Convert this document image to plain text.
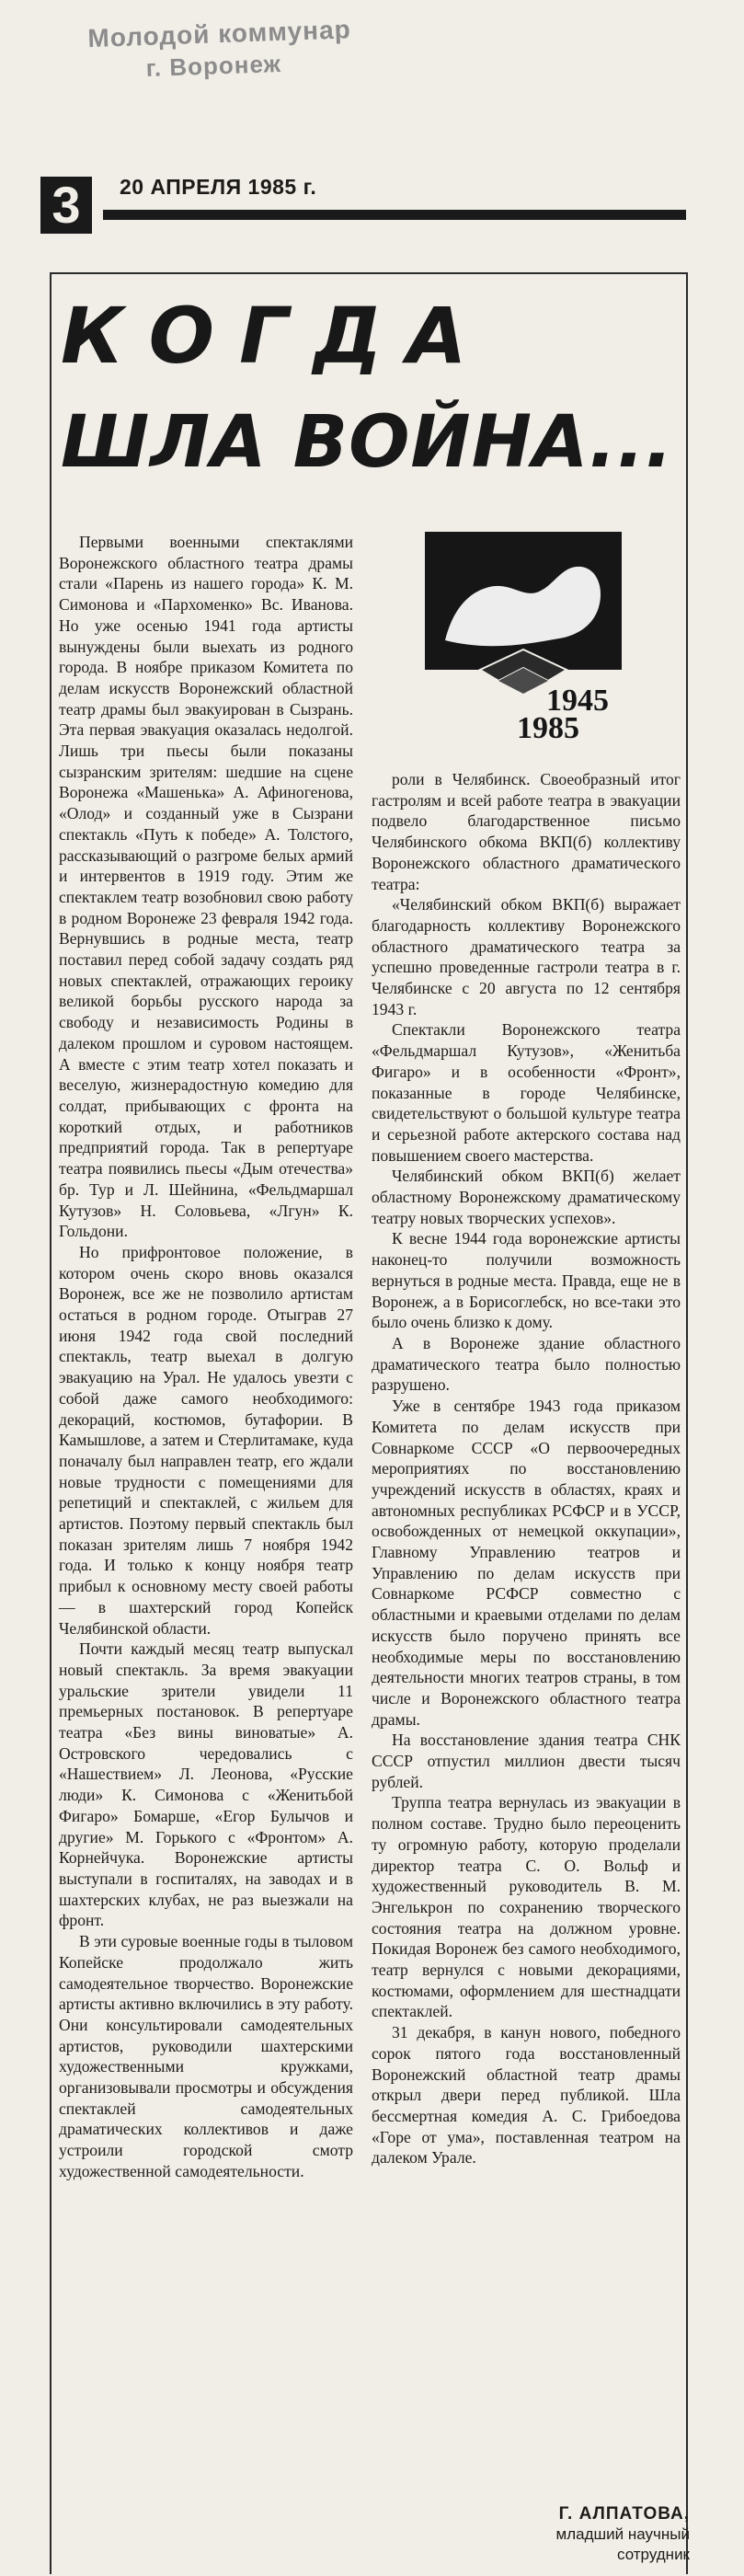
Молодой коммунар
г. Воронеж
3	20 АПРЕЛЯ 1985 г.
КОГДА
ШЛА ВОЙНА...
1945
1985

Первыми военными спектаклями Воронежского областного театра драмы стали «Парень из нашего города» К. М. Симонова и «Пархоменко» Вс. Иванова. Но уже осенью 1941 года артисты вынуждены были выехать из родного города. В ноябре приказом Комитета по делам искусств Воронежский областной театр драмы был эвакуирован в Сызрань. Эта первая эвакуация оказалась недолгой. Лишь три пьесы были показаны сызранским зрителям: шедшие на сцене Воронежа «Машенька» А. Афиногенова, «Олод» и созданный уже в Сызрани спектакль «Путь к победе» А. Толстого, рассказывающий о разгроме белых армий и интервентов в 1919 году. Этим же спектаклем театр возобновил свою работу в родном Воронеже 23 февраля 1942 года. Вернувшись в родные места, театр поставил перед собой задачу создать ряд новых спектаклей, отражающих героику великой борьбы русского народа за свободу и независимость Родины в далеком прошлом и суровом настоящем. А вместе с этим театр хотел показать и веселую, жизнерадостную комедию для солдат, прибывающих с фронта на короткий отдых, и работников предприятий города. Так в репертуаре театра появились пьесы «Дым отечества» бр. Тур и Л. Шейнина, «Фельдмаршал Кутузов» Н. Соловьева, «Лгун» К. Гольдони.

Но прифронтовое положение, в котором очень скоро вновь оказался Воронеж, все же не позволило артистам остаться в родном городе. Отыграв 27 июня 1942 года свой последний спектакль, театр выехал в долгую эвакуацию на Урал. Не удалось увезти с собой даже самого необходимого: декораций, костюмов, бутафории. В Камышлове, а затем и Стерлитамаке, куда поначалу был направлен театр, его ждали новые трудности с помещениями для репетиций и спектаклей, с жильем для артистов. Поэтому первый спектакль был показан зрителям лишь 7 ноября 1942 года. И только к концу ноября театр прибыл к основному месту своей работы — в шахтерский город Копейск Челябинской области.

Почти каждый месяц театр выпускал новый спектакль. За время эвакуации уральские зрители увидели 11 премьерных постановок. В репертуаре театра «Без вины виноватые» А. Островского чередовались с «Нашествием» Л. Леонова, «Русские люди» К. Симонова с «Женитьбой Фигаро» Бомарше, «Егор Булычов и другие» М. Горького с «Фронтом» А. Корнейчука. Воронежские артисты выступали в госпиталях, на заводах и в шахтерских клубах, не раз выезжали на фронт.

В эти суровые военные годы в тыловом Копейске продолжало жить самодеятельное творчество. Воронежские артисты активно включились в эту работу. Они консультировали самодеятельных артистов, руководили шахтерскими художественными кружками, организовывали просмотры и обсуждения спектаклей самодеятельных драматических коллективов и даже устроили городской смотр художественной самодеятельности.

роли в Челябинск. Своеобразный итог гастролям и всей работе театра в эвакуации подвело благодарственное письмо Челябинского обкома ВКП(б) коллективу Воронежского областного драматического театра:

«Челябинский обком ВКП(б) выражает благодарность коллективу Воронежского областного драматического театра за успешно проведенные гастроли театра в г. Челябинске с 20 августа по 12 сентября 1943 г.

Спектакли Воронежского театра «Фельдмаршал Кутузов», «Женитьба Фигаро» и в особенности «Фронт», показанные в городе Челябинске, свидетельствуют о большой культуре театра и серьезной работе актерского состава над повышением своего мастерства.

Челябинский обком ВКП(б) желает областному Воронежскому драматическому театру новых творческих успехов».

К весне 1944 года воронежские артисты наконец-то получили возможность вернуться в родные места. Правда, еще не в Воронеж, а в Борисоглебск, но все-таки это было очень близко к дому.

А в Воронеже здание областного драматического театра было полностью разрушено.

Уже в сентябре 1943 года приказом Комитета по делам искусств при Совнаркоме СССР «О первоочередных мероприятиях по восстановлению учреждений искусств в областях, краях и автономных республиках РСФСР и в УССР, освобожденных от немецкой оккупации», Главному Управлению театров и Управлению по делам искусств при Совнаркоме РСФСР совместно с областными и краевыми отделами по делам искусств было поручено принять все необходимые меры по восстановлению деятельности многих театров страны, в том числе и Воронежского областного театра драмы.

На восстановление здания театра СНК СССР отпустил миллион двести тысяч рублей.

Труппа театра вернулась из эвакуации в полном составе. Трудно было переоценить ту огромную работу, которую проделали директор театра С. О. Вольф и художественный руководитель В. М. Энгелькрон по сохранению творческого состояния театра на должном уровне. Покидая Воронеж без самого необходимого, театр вернулся с новыми декорациями, костюмами, оформлением для шестнадцати спектаклей.

31 декабря, в канун нового, победного сорок пятого года восстановленный Воронежский областной театр драмы открыл двери перед публикой. Шла бессмертная комедия А. С. Грибоедова «Горе от ума», поставленная театром на далеком Урале.

Г. АЛПАТОВА,
младший научный
сотрудник
